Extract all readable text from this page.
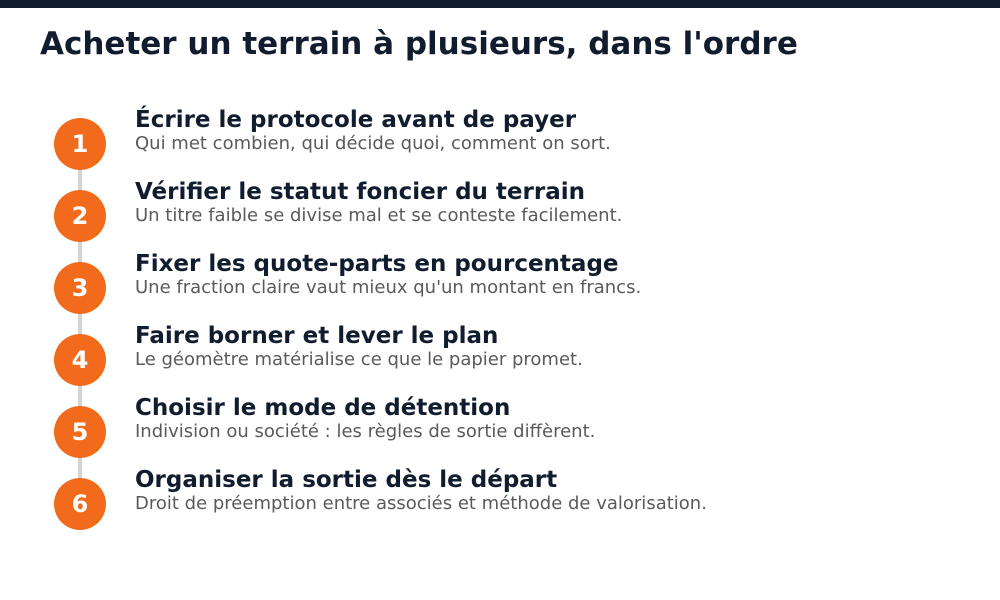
Acheter un terrain à plusieurs, dans l'ordre
1
Écrire le protocole avant de payer
Qui met combien, qui décide quoi, comment on sort.
2
Vérifier le statut foncier du terrain
Un titre faible se divise mal et se conteste facilement.
3
Fixer les quote-parts en pourcentage
Une fraction claire vaut mieux qu'un montant en francs.
4
Faire borner et lever le plan
Le géomètre matérialise ce que le papier promet.
5
Choisir le mode de détention
Indivision ou société : les règles de sortie diffèrent.
6
Organiser la sortie dès le départ
Droit de préemption entre associés et méthode de valorisation.
